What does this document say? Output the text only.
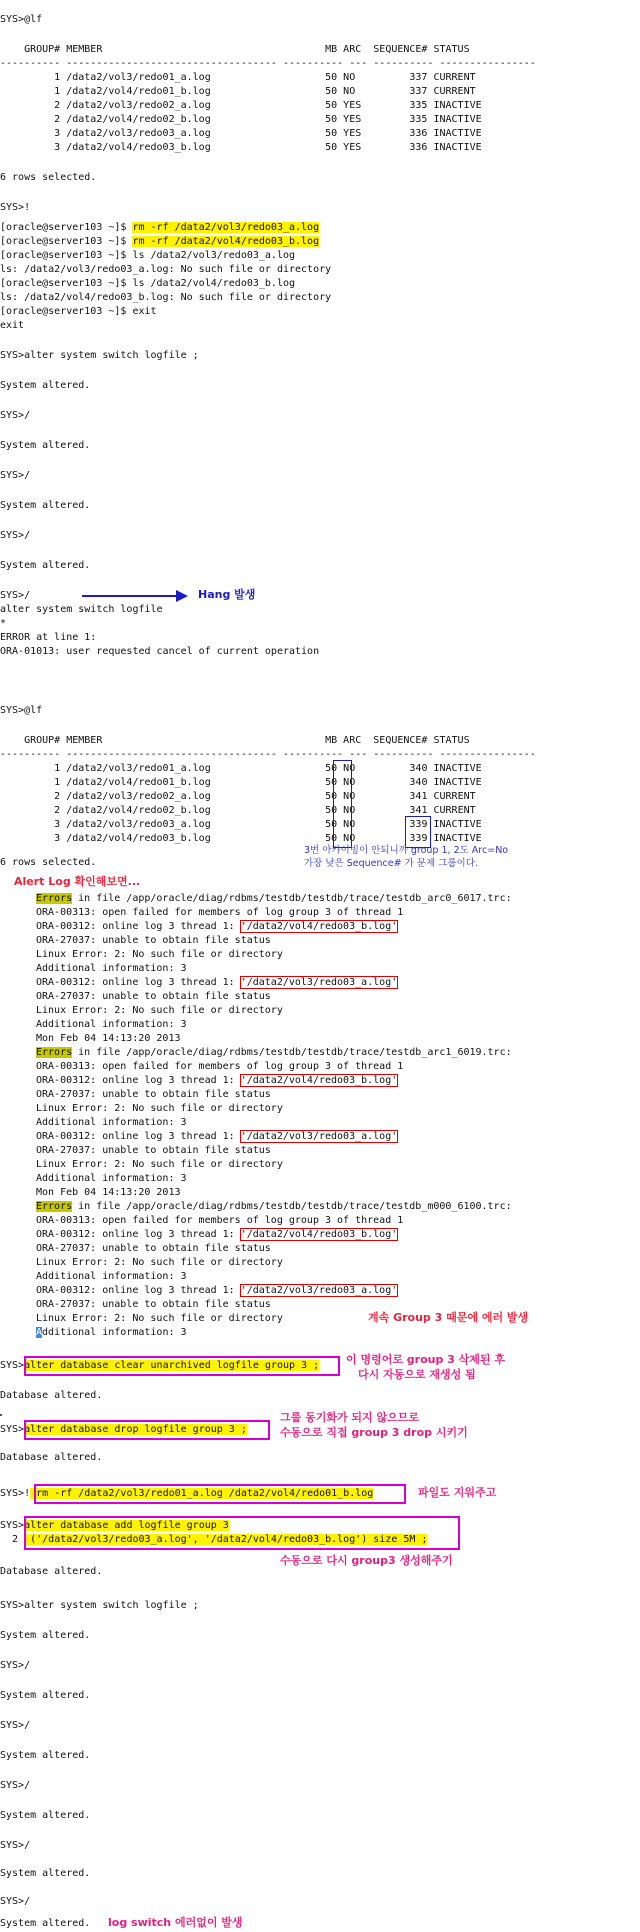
SYS>@lf
GROUP# MEMBER                                     MB ARC  SEQUENCE# STATUS
---------- ----------------------------------- ---------- --- ---------- ----------------
1 /data2/vol3/redo01_a.log                   50 NO         337 CURRENT
1 /data2/vol4/redo01_b.log                   50 NO         337 CURRENT
2 /data2/vol3/redo02_a.log                   50 YES        335 INACTIVE
2 /data2/vol4/redo02_b.log                   50 YES        335 INACTIVE
3 /data2/vol3/redo03_a.log                   50 YES        336 INACTIVE
3 /data2/vol4/redo03_b.log                   50 YES        336 INACTIVE
6 rows selected.
SYS>!
[oracle@server103 ~]$ rm -rf /data2/vol3/redo03_a.log
[oracle@server103 ~]$ rm -rf /data2/vol4/redo03_b.log
[oracle@server103 ~]$ ls /data2/vol3/redo03_a.log
ls: /data2/vol3/redo03_a.log: No such file or directory
[oracle@server103 ~]$ ls /data2/vol4/redo03_b.log
ls: /data2/vol4/redo03_b.log: No such file or directory
[oracle@server103 ~]$ exit
exit
SYS>alter system switch logfile ;
System altered.
SYS>/
System altered.
SYS>/
System altered.
SYS>/
System altered.
SYS>/	Hang 발생
alter system switch logfile
*
ERROR at line 1:
ORA-01013: user requested cancel of current operation
SYS>@lf
GROUP# MEMBER                                     MB ARC  SEQUENCE# STATUS
---------- ----------------------------------- ---------- --- ---------- ----------------
1 /data2/vol3/redo01_a.log                   50 NO	340 INACTIVE
1 /data2/vol4/redo01_b.log                   50 NO	340 INACTIVE
2 /data2/vol3/redo02_a.log                   50 NO	341 CURRENT
2 /data2/vol4/redo02_b.log                   50 NO	341 CURRENT
3 /data2/vol3/redo03_a.log                   50 NO	339 INACTIVE
3 /data2/vol4/redo03_b.log                   50 NO	339 INACTIVE
6 rows selected.
3번 아카이빙이 안되니까 group 1, 2도 Arc=No
가장 낮은 Sequence# 가 문제 그룹이다.
Alert Log 확인해보면...
Errors in file /app/oracle/diag/rdbms/testdb/testdb/trace/testdb_arc0_6017.trc:
ORA-00313: open failed for members of log group 3 of thread 1
ORA-00312: online log 3 thread 1: '/data2/vol4/redo03_b.log'
ORA-27037: unable to obtain file status
Linux Error: 2: No such file or directory
Additional information: 3
ORA-00312: online log 3 thread 1: '/data2/vol3/redo03_a.log'
ORA-27037: unable to obtain file status
Linux Error: 2: No such file or directory
Additional information: 3
Mon Feb 04 14:13:20 2013
Errors in file /app/oracle/diag/rdbms/testdb/testdb/trace/testdb_arc1_6019.trc:
ORA-00313: open failed for members of log group 3 of thread 1
ORA-00312: online log 3 thread 1: '/data2/vol4/redo03_b.log'
ORA-27037: unable to obtain file status
Linux Error: 2: No such file or directory
Additional information: 3
ORA-00312: online log 3 thread 1: '/data2/vol3/redo03_a.log'
ORA-27037: unable to obtain file status
Linux Error: 2: No such file or directory
Additional information: 3
Mon Feb 04 14:13:20 2013
Errors in file /app/oracle/diag/rdbms/testdb/testdb/trace/testdb_m000_6100.trc:
ORA-00313: open failed for members of log group 3 of thread 1
ORA-00312: online log 3 thread 1: '/data2/vol4/redo03_b.log'
ORA-27037: unable to obtain file status
Linux Error: 2: No such file or directory
Additional information: 3
ORA-00312: online log 3 thread 1: '/data2/vol3/redo03_a.log'
ORA-27037: unable to obtain file status
Linux Error: 2: No such file or directory	계속 Group 3 때문에 에러 발생
Additional information: 3
SYS>alter database clear unarchived logfile group 3 ; 이 명령어로 group 3 삭제된 후
다시 자동으로 재생성 됨
Database altered.
SYS>alter database drop logfile group 3 ;
그룹 동기화가 되지 않으므로
수동으로 직접 group 3 drop 시키기
Database altered.
SYS>! rm -rf /data2/vol3/redo01_a.log /data2/vol4/redo01_b.log	파일도 지워주고
SYS>alter database add logfile group 3
2  ('/data2/vol3/redo03_a.log', '/data2/vol4/redo03_b.log') size 5M ;
수동으로 다시 group3 생성해주기
Database altered.
SYS>alter system switch logfile ;
System altered.
SYS>/
System altered.
SYS>/
System altered.
SYS>/
System altered.
SYS>/
System altered.
SYS>/
System altered. log switch 에러없이 발생
